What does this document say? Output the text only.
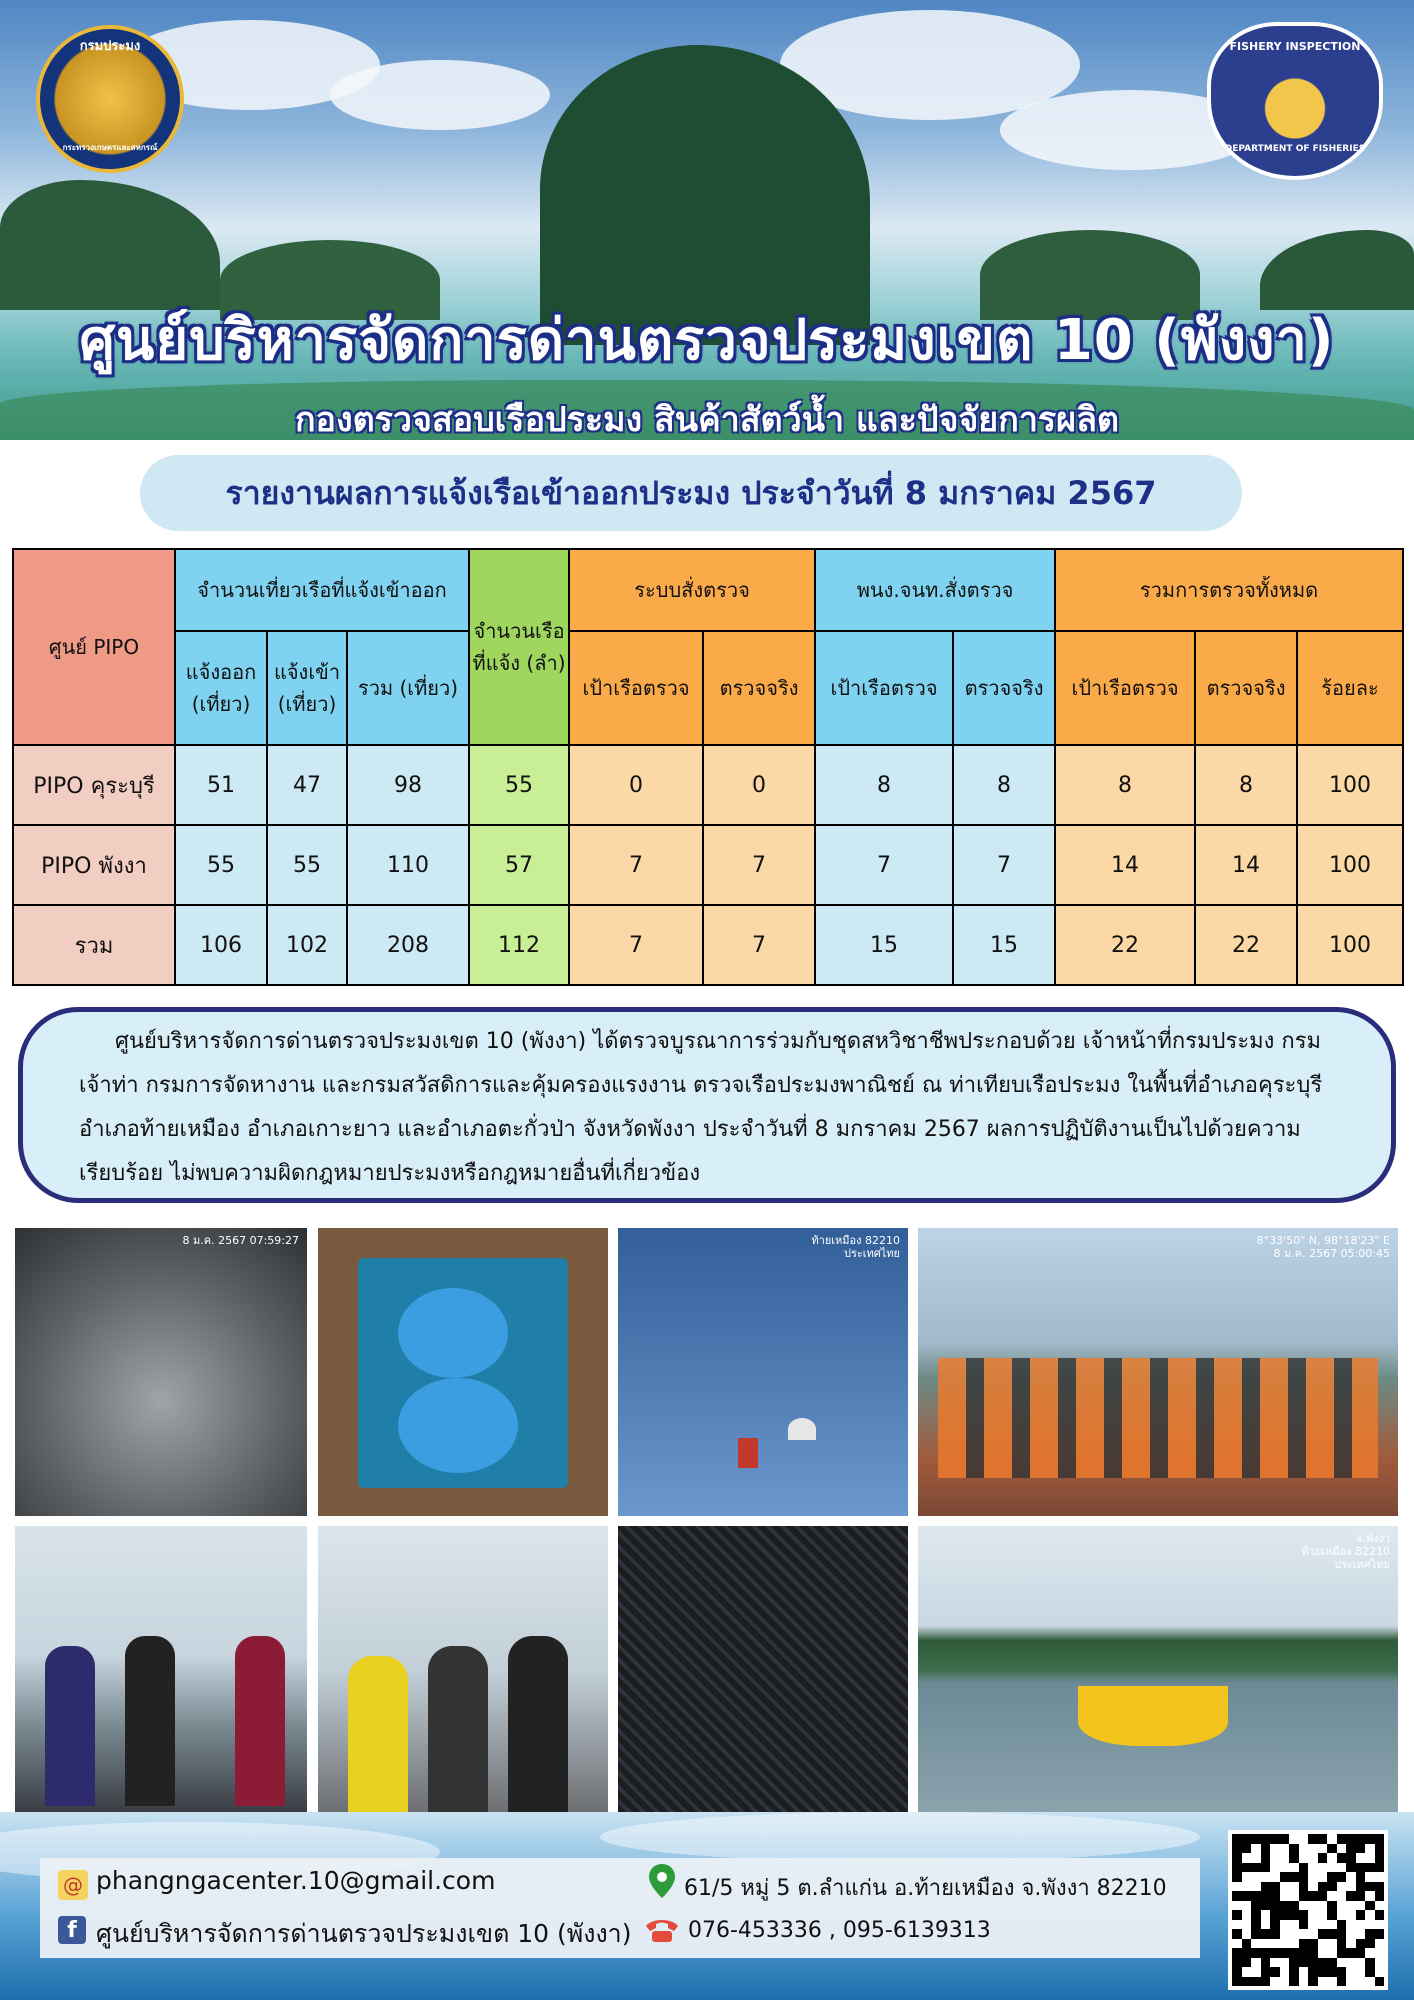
กรมประมง
กระทรวงเกษตรและสหกรณ์
FISHERY INSPECTION
DEPARTMENT OF FISHERIES
ศูนย์บริหารจัดการด่านตรวจประมงเขต 10 (พังงา)
กองตรวจสอบเรือประมง สินค้าสัตว์น้ำ และปัจจัยการผลิต
รายงานผลการแจ้งเรือเข้าออกประมง ประจำวันที่ 8 มกราคม 2567
ศูนย์ PIPO	จำนวนเที่ยวเรือที่แจ้งเข้าออก			จำนวนเรือที่แจ้ง (ลำ)	ระบบสั่งตรวจ		พนง.จนท.สั่งตรวจ		รวมการตรวจทั้งหมด		
	แจ้งออก (เที่ยว)	แจ้งเข้า (เที่ยว)	รวม (เที่ยว)		เป้าเรือตรวจ	ตรวจจริง	เป้าเรือตรวจ	ตรวจจริง	เป้าเรือตรวจ	ตรวจจริง	ร้อยละ
PIPO คุระบุรี	51	47	98	55	0	0	8	8	8	8	100
PIPO พังงา	55	55	110	57	7	7	7	7	14	14	100
รวม	106	102	208	112	7	7	15	15	22	22	100

ศูนย์บริหารจัดการด่านตรวจประมงเขต 10 (พังงา) ได้ตรวจบูรณาการร่วมกับชุดสหวิชาชีพประกอบด้วย เจ้าหน้าที่กรมประมง กรมเจ้าท่า กรมการจัดหางาน และกรมสวัสดิการและคุ้มครองแรงงาน ตรวจเรือประมงพาณิชย์ ณ ท่าเทียบเรือประมง ในพื้นที่อำเภอคุระบุรี อำเภอท้ายเหมือง อำเภอเกาะยาว และอำเภอตะกั่วป่า จังหวัดพังงา ประจำวันที่ 8 มกราคม 2567 ผลการปฏิบัติงานเป็นไปด้วยความเรียบร้อย ไม่พบความผิดกฎหมายประมงหรือกฎหมายอื่นที่เกี่ยวข้อง

8 ม.ค. 2567 07:59:27	ท้ายเหมือง 82210
ประเทศไทย
8°33'50" N, 98°18'23" E
8 ม.ค. 2567 05:00:45
จ.พังงา
ท้ายเหมือง 82210
ประเทศไทย
@ phangngacenter.10@gmail.com
f ศูนย์บริหารจัดการด่านตรวจประมงเขต 10 (พังงา)
61/5 หมู่ 5 ต.ลำแก่น อ.ท้ายเหมือง จ.พังงา 82210
076-453336 , 095-6139313
